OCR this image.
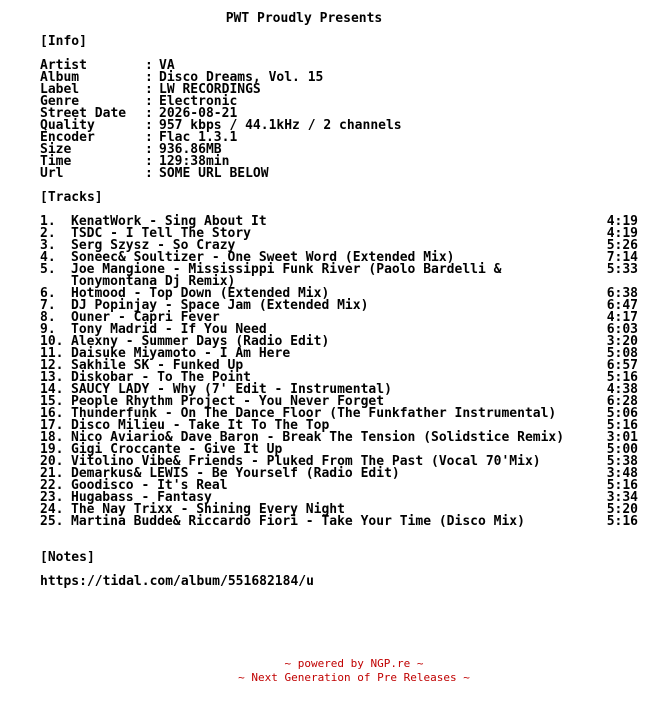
PWT Proudly Presents
[Info]
Artist	: VA
Album	: Disco Dreams, Vol. 15
Label	: LW RECORDINGS
Genre	: Electronic
Street Date : 2026-08-21
Quality	: 957 kbps / 44.1kHz / 2 channels
Encoder	: Flac 1.3.1
Size	: 936.86MB
Time	: 129:38min
Url	: SOME URL BELOW
[Tracks]
1. KenatWork - Sing About It	4:19
2. TSDC - I Tell The Story	4:19
3. Serg Szysz - So Crazy	5:26
4. Soneec& Soultizer - One Sweet Word (Extended Mix)	7:14
5. Joe Mangione - Mississippi Funk River (Paolo Bardelli &	5:33
Tonymontana Dj Remix)
6. Hotmood - Top Down (Extended Mix)	6:38
7. DJ Popinjay - Space Jam (Extended Mix)	6:47
8. Ouner - Capri Fever	4:17
9. Tony Madrid - If You Need	6:03
10. Alexny - Summer Days (Radio Edit)	3:20
11. Daisuke Miyamoto - I Am Here	5:08
12. Sakhile SK - Funked Up	6:57
13. Diskobar - To The Point	5:16
14. SAUCY LADY - Why (7' Edit - Instrumental)	4:38
15. People Rhythm Project - You Never Forget	6:28
16. Thunderfunk - On The Dance Floor (The Funkfather Instrumental)	5:06
17. Disco Milieu - Take It To The Top	5:16
18. Nico Aviario& Dave Baron - Break The Tension (Solidstice Remix)	3:01
19. Gigi Croccante - Give It Up	5:00
20. Vitolino Vibe& Friends - Pluked From The Past (Vocal 70'Mix)	5:38
21. Demarkus& LEWIS - Be Yourself (Radio Edit)	3:48
22. Goodisco - It's Real	5:16
23. Hugabass - Fantasy	3:34
24. The Nay Trixx - Shining Every Night	5:20
25. Martina Budde& Riccardo Fiori - Take Your Time (Disco Mix)	5:16
[Notes]
https://tidal.com/album/551682184/u
~ powered by NGP.re ~
~ Next Generation of Pre Releases ~
